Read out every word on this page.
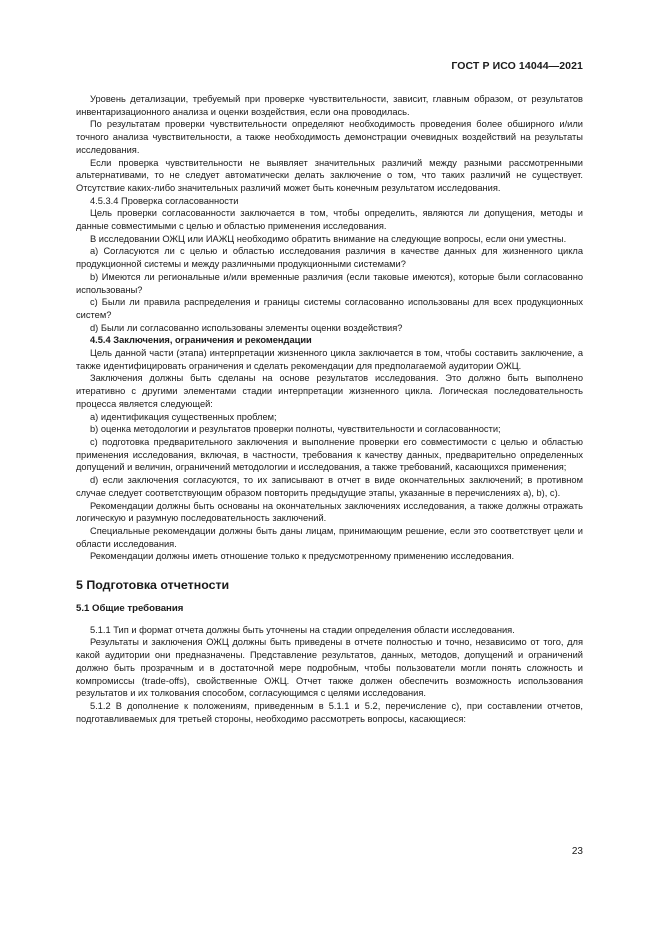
ГОСТ Р ИСО 14044—2021

Уровень детализации, требуемый при проверке чувствительности, зависит, главным образом, от результатов инвентаризационного анализа и оценки воздействия, если она проводилась.

По результатам проверки чувствительности определяют необходимость проведения более обширного и/или точного анализа чувствительности, а также необходимость демонстрации очевидных воздействий на результаты исследования.

Если проверка чувствительности не выявляет значительных различий между разными рассмотренными альтернативами, то не следует автоматически делать заключение о том, что таких различий не существует. Отсутствие каких-либо значительных различий может быть конечным результатом исследования.

4.5.3.4 Проверка согласованности

Цель проверки согласованности заключается в том, чтобы определить, являются ли допущения, методы и данные совместимыми с целью и областью применения исследования.

В исследовании ОЖЦ или ИАЖЦ необходимо обратить внимание на следующие вопросы, если они уместны.

а) Согласуются ли с целью и областью исследования различия в качестве данных для жизненного цикла продукционной системы и между различными продукционными системами?

b) Имеются ли региональные и/или временные различия (если таковые имеются), которые были согласованно использованы?

c) Были ли правила распределения и границы системы согласованно использованы для всех продукционных систем?

d) Были ли согласованно использованы элементы оценки воздействия?

4.5.4 Заключения, ограничения и рекомендации

Цель данной части (этапа) интерпретации жизненного цикла заключается в том, чтобы составить заключение, а также идентифицировать ограничения и сделать рекомендации для предполагаемой аудитории ОЖЦ.

Заключения должны быть сделаны на основе результатов исследования. Это должно быть выполнено итеративно с другими элементами стадии интерпретации жизненного цикла. Логическая последовательность процесса является следующей:

а) идентификация существенных проблем;

b) оценка методологии и результатов проверки полноты, чувствительности и согласованности;

c) подготовка предварительного заключения и выполнение проверки его совместимости с целью и областью применения исследования, включая, в частности, требования к качеству данных, предварительно определенных допущений и величин, ограничений методологии и исследования, а также требований, касающихся применения;

d) если заключения согласуются, то их записывают в отчет в виде окончательных заключений; в противном случае следует соответствующим образом повторить предыдущие этапы, указанные в перечислениях а), b), c).

Рекомендации должны быть основаны на окончательных заключениях исследования, а также должны отражать логическую и разумную последовательность заключений.

Специальные рекомендации должны быть даны лицам, принимающим решение, если это соответствует цели и области исследования.

Рекомендации должны иметь отношение только к предусмотренному применению исследования.

5 Подготовка отчетности

5.1 Общие требования

5.1.1 Тип и формат отчета должны быть уточнены на стадии определения области исследования.

Результаты и заключения ОЖЦ должны быть приведены в отчете полностью и точно, независимо от того, для какой аудитории они предназначены. Представление результатов, данных, методов, допущений и ограничений должно быть прозрачным и в достаточной мере подробным, чтобы пользователи могли понять сложность и компромиссы (trade-offs), свойственные ОЖЦ. Отчет также должен обеспечить возможность использования результатов и их толкования способом, согласующимся с целями исследования.

5.1.2 В дополнение к положениям, приведенным в 5.1.1 и 5.2, перечисление с), при составлении отчетов, подготавливаемых для третьей стороны, необходимо рассмотреть вопросы, касающиеся:

23
